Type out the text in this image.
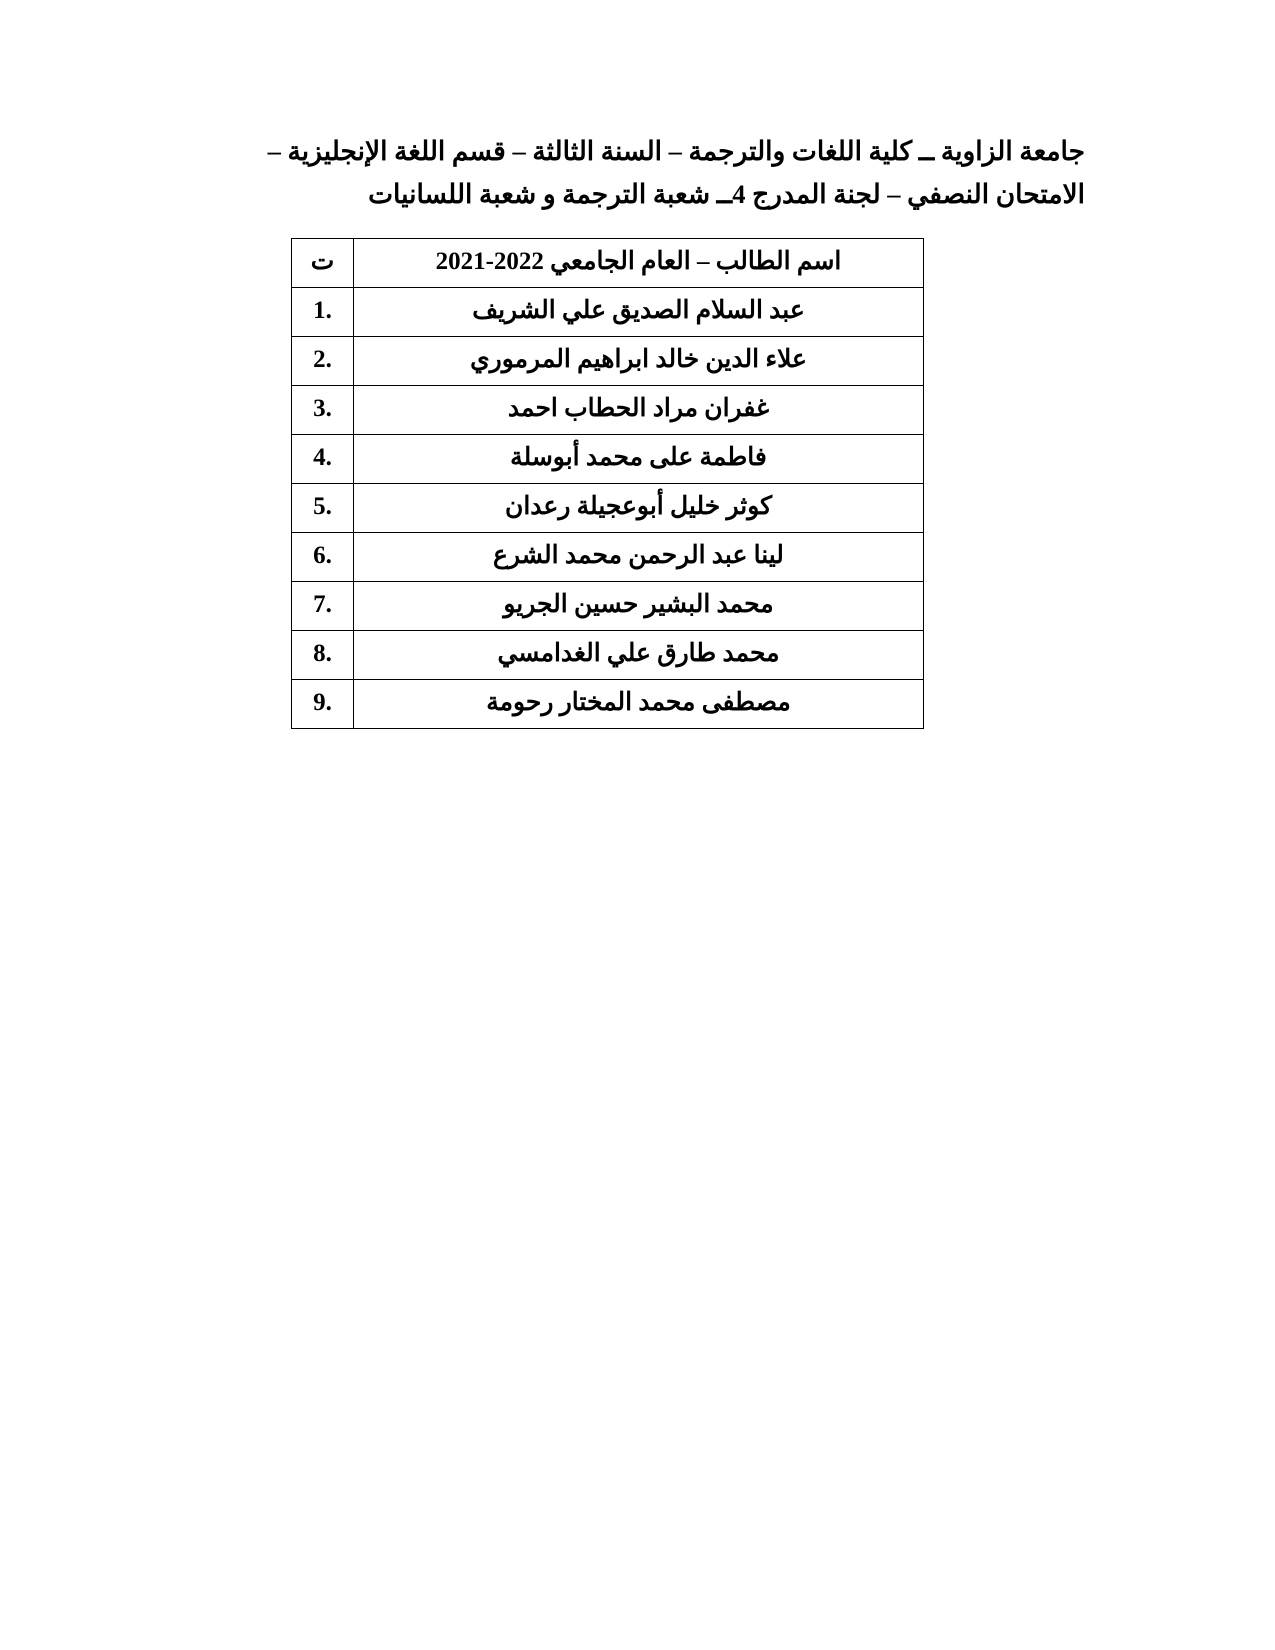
جامعة الزاوية ــ كلية اللغات والترجمة – السنة الثالثة – قسم اللغة الإنجليزية – الامتحان النصفي – لجنة المدرج 4ــ شعبة الترجمة و شعبة اللسانيات

اسم الطالب – العام الجامعي 2022-2021	ت
عبد السلام الصديق علي الشريف	.1
علاء الدين خالد ابراهيم المرموري	.2
غفران مراد الحطاب احمد	.3
فاطمة على محمد أبوسلة	.4
كوثر خليل أبوعجيلة رعدان	.5
لينا عبد الرحمن محمد الشرع	.6
محمد البشير حسين الجريو	.7
محمد طارق علي الغدامسي	.8
مصطفى محمد المختار رحومة	.9
